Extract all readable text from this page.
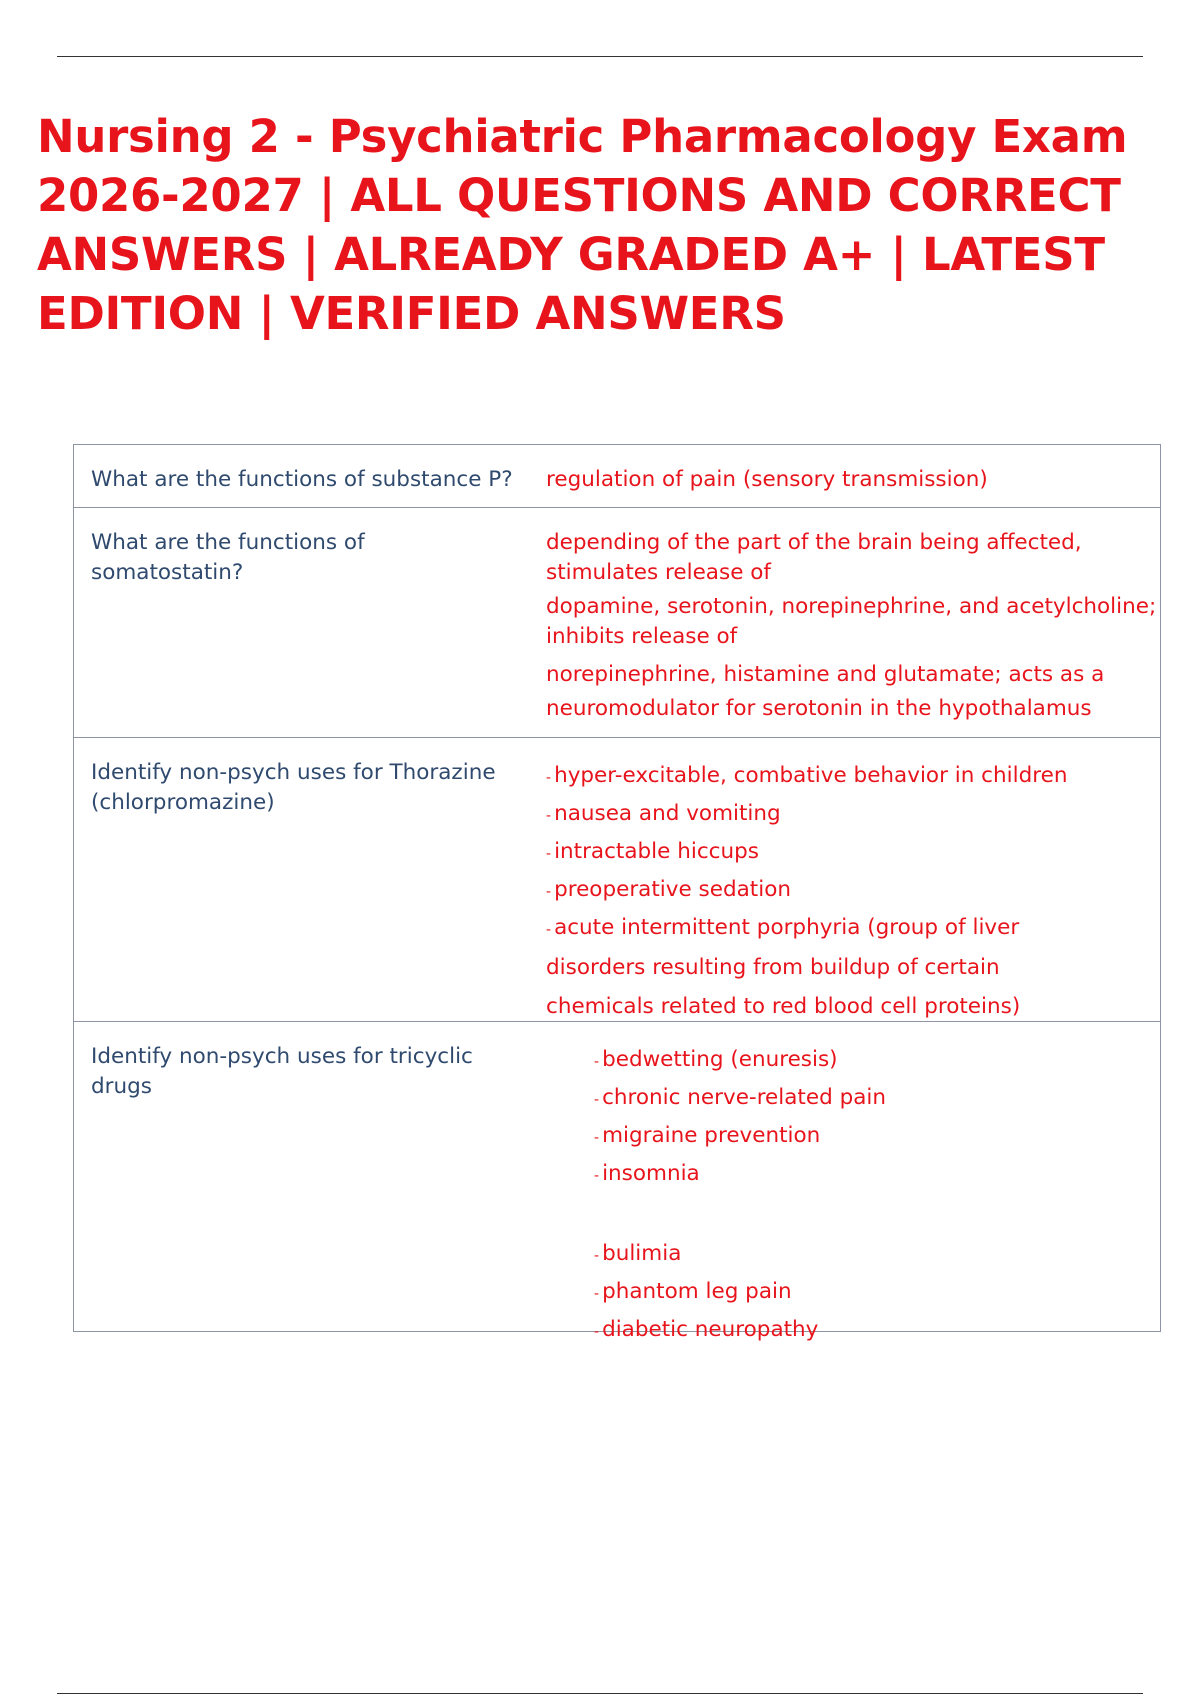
Nursing 2 - Psychiatric Pharmacology Exam 2026-2027 | ALL QUESTIONS AND CORRECT ANSWERS | ALREADY GRADED A+ | LATEST EDITION | VERIFIED ANSWERS
What are the functions of substance P?	regulation of pain (sensory transmission)
What are the functions of somatostatin?
depending of the part of the brain being affected,
stimulates release of
dopamine, serotonin, norepinephrine, and acetylcholine;
inhibits release of
norepinephrine, histamine and glutamate; acts as a
neuromodulator for serotonin in the hypothalamus
Identify non-psych uses for Thorazine (chlorpromazine)
- hyper-excitable, combative behavior in children
- nausea and vomiting
- intractable hiccups
- preoperative sedation
- acute intermittent porphyria (group of liver
disorders resulting from buildup of certain
chemicals related to red blood cell proteins)
Identify non-psych uses for tricyclic drugs
- bedwetting (enuresis)
- chronic nerve-related pain
- migraine prevention
- insomnia
- bulimia
- phantom leg pain
- diabetic neuropathy
